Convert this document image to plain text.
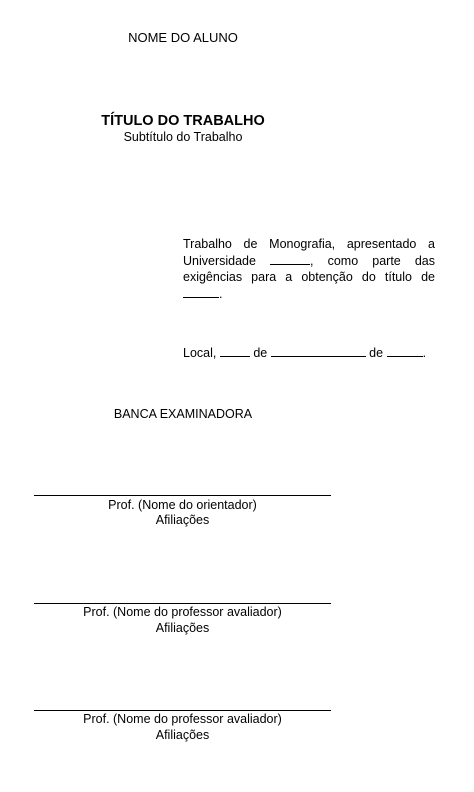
NOME DO ALUNO
TÍTULO DO TRABALHO
Subtítulo do Trabalho
Trabalho de Monografia, apresentado a Universidade	, como parte das exigências para a obtenção do título de .
Local,  de	de	.
BANCA EXAMINADORA
Prof. (Nome do orientador)
Afiliações
Prof. (Nome do professor avaliador)
Afiliações
Prof. (Nome do professor avaliador)
Afiliações
